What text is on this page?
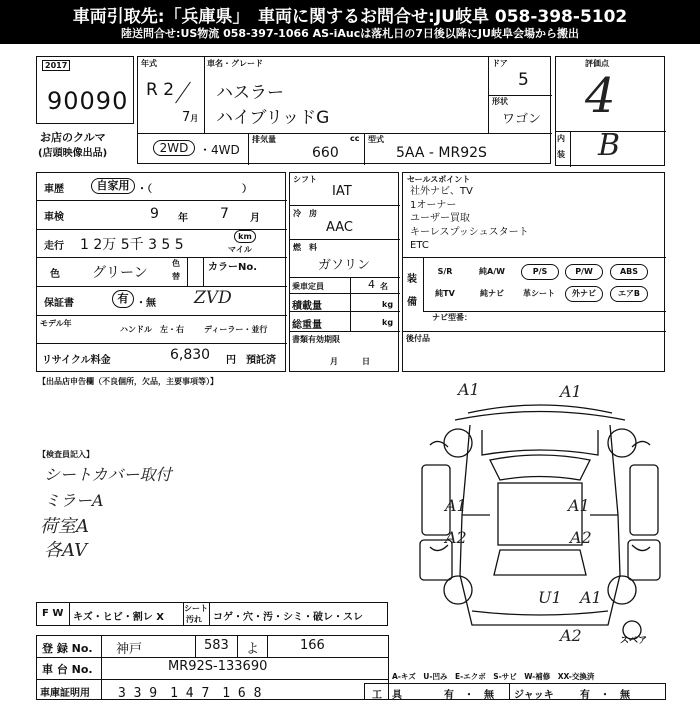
車両引取先:「兵庫県」　車両に関するお問合せ:JU岐阜 058-398-5102
陸送問合せ:US物流 058-397-1066 AS-iAucは落札日の7日後以降にJU岐阜会場から搬出
2017
90090
お店のクルマ
(店頭映像出品)
年式
R 2
7月
車名・グレード
ハスラー
ハイブリッドG
ドア
5
形状
ワゴン
2WD ・4WD
排気量	cc
660
型式
5AA - MR92S
評価点
4
内
装 B
車歴	自家用 ・（　　　　　　　　　）
車検	9 年 7 月
走行 1 2万 5千 3 5 5
km
マイル
色 グリーン
色
替
カラーNo.
保証書	有 ・無 ZVD
モデル年
ハンドル　左・右	ディーラー・並行
リサイクル料金	6,830 円　預託済
シフト
IAT
冷　房
AAC
燃　料
ガソリン
乗車定員	4 名
積載量	kg
総重量	kg
書類有効期限
月　　　日
セールスポイント
社外ナビ、TV
1オーナー
ユーザー買取
キーレスプッシュスタート
ETC
装
備
S/R	純A/W	P/S	P/W	ABS
純TV	純ナビ	革シート	外ナビ	エアB
ナビ型番：
後付品
【出品店申告欄（不良個所，欠品，主要事項等）】
【検査員記入】
シートカバー取付
ミラーA
荷室A
各AV
A1	A1
A1	A1
A2	A2
U1 A1
A2	スペア
F W キズ・ヒビ・割レ X
シート
汚れ コゲ・穴・汚・シミ・破レ・スレ
登 録 No. 神戸	583 よ	166
車 台 No.	MR92S-133690
車庫証明用 3 3 9　1 4 7　1 6 8
A-キズ　U-凹み　E-エクボ　S-サビ　W-補修　XX-交換済
工　具	有　・　無 ジャッキ	有　・　無
